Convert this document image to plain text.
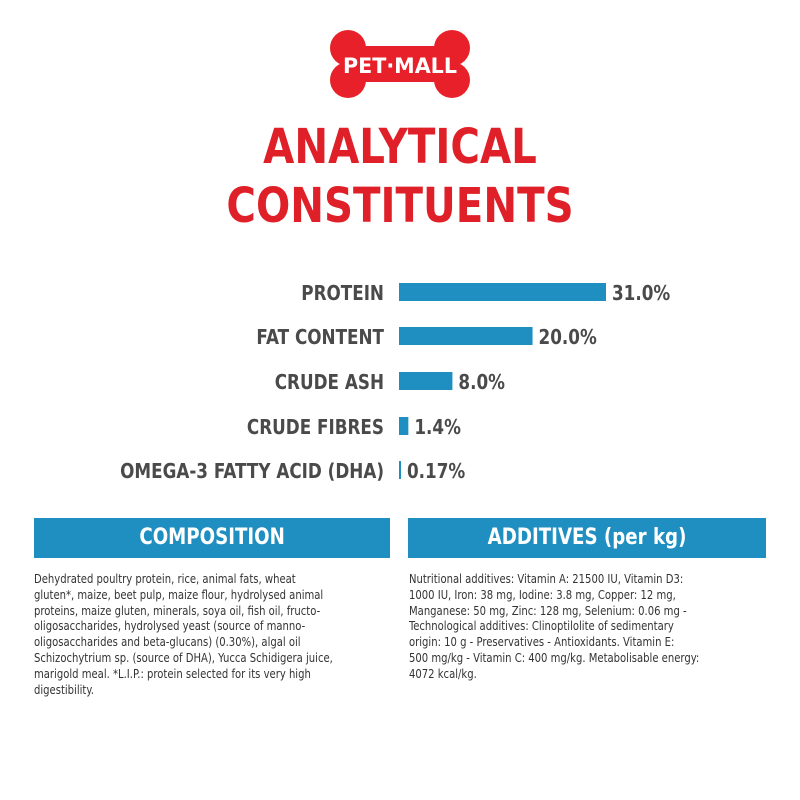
PET·MALL
ANALYTICAL
CONSTITUENTS
PROTEIN	31.0%
FAT CONTENT	20.0%
CRUDE ASH	8.0%
CRUDE FIBRES 1.4%
OMEGA-3 FATTY ACID (DHA) 0.17%
COMPOSITION
Dehydrated poultry protein, rice, animal fats, wheat
gluten*, maize, beet pulp, maize flour, hydrolysed animal
proteins, maize gluten, minerals, soya oil, fish oil, fructo-
oligosaccharides, hydrolysed yeast (source of manno-
oligosaccharides and beta-glucans) (0.30%), algal oil
Schizochytrium sp. (source of DHA), Yucca Schidigera juice,
marigold meal. *L.I.P.: protein selected for its very high
digestibility.
ADDITIVES (per kg)
Nutritional additives: Vitamin A: 21500 IU, Vitamin D3:
1000 IU, Iron: 38 mg, Iodine: 3.8 mg, Copper: 12 mg,
Manganese: 50 mg, Zinc: 128 mg, Selenium: 0.06 mg -
Technological additives: Clinoptilolite of sedimentary
origin: 10 g - Preservatives - Antioxidants. Vitamin E:
500 mg/kg - Vitamin C: 400 mg/kg. Metabolisable energy:
4072 kcal/kg.
